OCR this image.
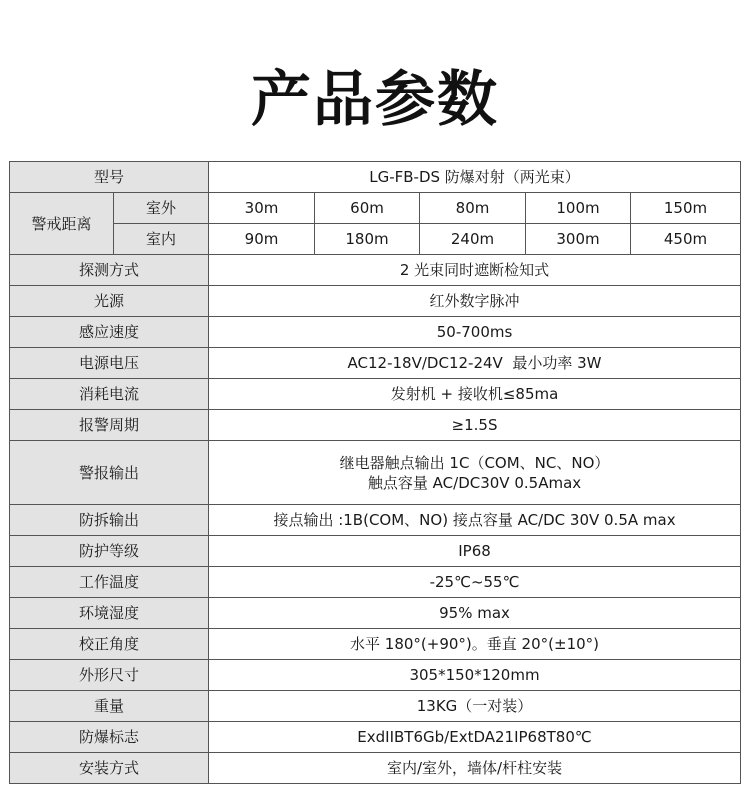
产品参数
型号		LG-FB-DS 防爆对射（两光束）				
警戒距离	室外	30m	60m	80m	100m	150m
	室内	90m	180m	240m	300m	450m
探测方式		2 光束同时遮断检知式				
光源		红外数字脉冲				
感应速度		50-700ms				
电源电压		AC12-18V/DC12-24V  最小功率 3W				
消耗电流		发射机 + 接收机≤85ma				
报警周期		≥1.5S				
警报输出		继电器触点输出 1C（COM、NC、NO）
触点容量 AC/DC30V 0.5Amax				

防拆输出		接点输出 :1B(COM、NO) 接点容量 AC/DC 30V 0.5A max				
防护等级		IP68				
工作温度		-25℃~55℃				
环境湿度		95% max				
校正角度		水平 180°(+90°)。垂直 20°(±10°)				
外形尺寸		305*150*120mm				
重量		13KG（一对装）				
防爆标志		ExdIIBT6Gb/ExtDA21IP68T80℃				
安装方式		室内/室外，墙体/杆柱安装				
